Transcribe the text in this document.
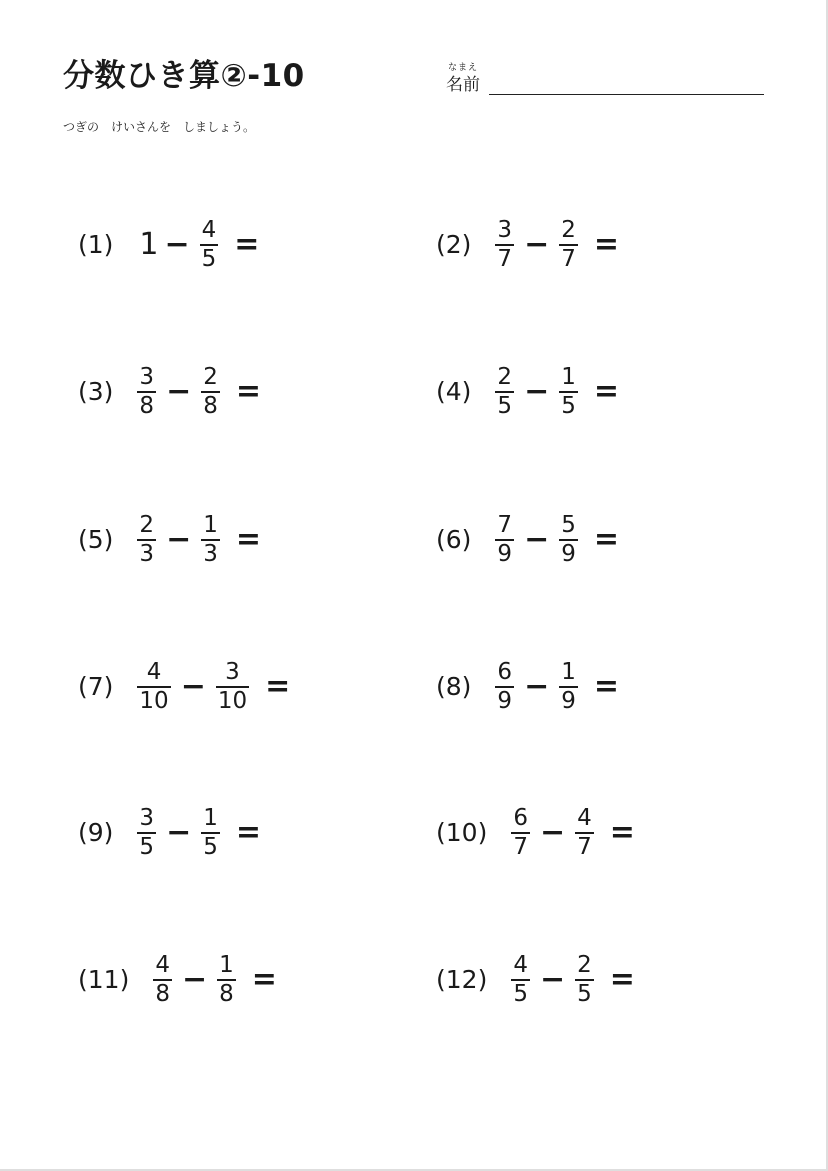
分数ひき算②-10	なまえ
名前
つぎの　けいさんを　しましょう。
(1) $1 - \frac{4}{5}$ =	$(2) \frac{3}{7} - \frac{2}{7}$ =
$(3) \frac{3}{8} - \frac{2}{8}$ =	$(4) \frac{2}{5} - \frac{1}{5}$ =
$(5) \frac{2}{3} - \frac{1}{3}$ =	$(6) \frac{7}{9} - \frac{5}{9}$ =
$(7) \frac{4}{10} - \frac{3}{10}$ =	$(8) \frac{6}{9} - \frac{1}{9}$ =
$(9) \frac{3}{5} - \frac{1}{5}$ =	$(10) \frac{6}{7} - \frac{4}{7}$ =
$(11) \frac{4}{8} - \frac{1}{8}$ =	$(12) \frac{4}{5} - \frac{2}{5}$ =
